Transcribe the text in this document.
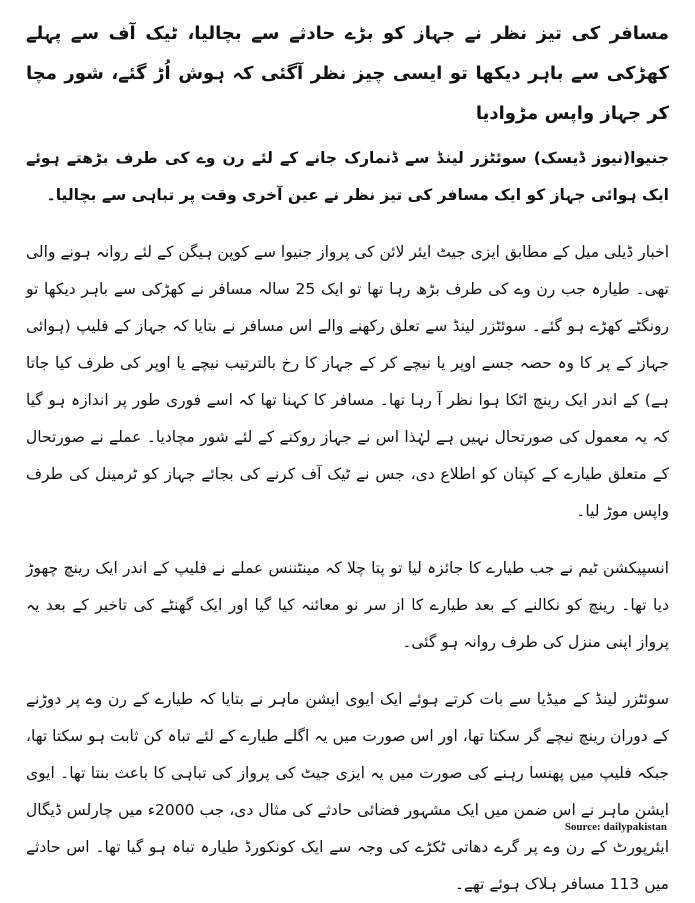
مسافر کی تیز نظر نے جہاز کو بڑے حادثے سے بچالیا، ٹیک آف سے پہلے کھڑکی سے باہر دیکھا تو ایسی چیز نظر آگئی کہ ہوش اُڑ گئے، شور مچا کر جہاز واپس مڑوادیا
جنیوا(نیوز ڈیسک) سوئٹزر لینڈ سے ڈنمارک جانے کے لئے رن وے کی طرف بڑھتے ہوئے ایک ہوائی جہاز کو ایک مسافر کی تیز نظر نے عین آخری وقت پر تباہی سے بچالیا۔
اخبار ڈیلی میل کے مطابق ایزی جیٹ ایئر لائن کی پرواز جنیوا سے کوپن ہیگن کے لئے روانہ ہونے والی تھی۔ طیارہ جب رن وے کی طرف بڑھ رہا تھا تو ایک 25 سالہ مسافر نے کھڑکی سے باہر دیکھا تو رونگٹے کھڑے ہو گئے۔ سوئٹزر لینڈ سے تعلق رکھنے والے اس مسافر نے بتایا کہ جہاز کے فلیپ (ہوائی جہاز کے پر کا وہ حصہ جسے اوپر یا نیچے کر کے جہاز کا رخ بالترتیب نیچے یا اوپر کی طرف کیا جاتا ہے) کے اندر ایک رینچ اٹکا ہوا نظر آ رہا تھا۔ مسافر کا کہنا تھا کہ اسے فوری طور پر اندازہ ہو گیا کہ یہ معمول کی صورتحال نہیں ہے لہٰذا اس نے جہاز روکنے کے لئے شور مچادیا۔ عملے نے صورتحال کے متعلق طیارے کے کپتان کو اطلاع دی، جس نے ٹیک آف کرنے کی بجائے جہاز کو ٹرمینل کی طرف واپس موڑ لیا۔
انسپیکشن ٹیم نے جب طیارے کا جائزہ لیا تو پتا چلا کہ مینٹننس عملے نے فلیپ کے اندر ایک رینچ چھوڑ دیا تھا۔ رینچ کو نکالنے کے بعد طیارے کا از سر نو معائنہ کیا گیا اور ایک گھنٹے کی تاخیر کے بعد یہ پرواز اپنی منزل کی طرف روانہ ہو گئی۔
سوئٹزر لینڈ کے میڈیا سے بات کرتے ہوئے ایک ایوی ایشن ماہر نے بتایا کہ طیارے کے رن وے پر دوڑنے کے دوران رینچ نیچے گر سکتا تھا، اور اس صورت میں یہ اگلے طیارے کے لئے تباہ کن ثابت ہو سکتا تھا، جبکہ فلیپ میں پھنسا رہنے کی صورت میں یہ ایزی جیٹ کی پرواز کی تباہی کا باعث بنتا تھا۔ ایوی ایشن ماہر نے اس ضمن میں ایک مشہور فضائی حادثے کی مثال دی، جب 2000ء میں چارلس ڈیگال ایئرپورٹ کے رن وے پر گرے دھاتی ٹکڑے کی وجہ سے ایک کونکورڈ طیارہ تباہ ہو گیا تھا۔ اس حادثے میں 113 مسافر ہلاک ہوئے تھے۔
Source: dailypakistan
